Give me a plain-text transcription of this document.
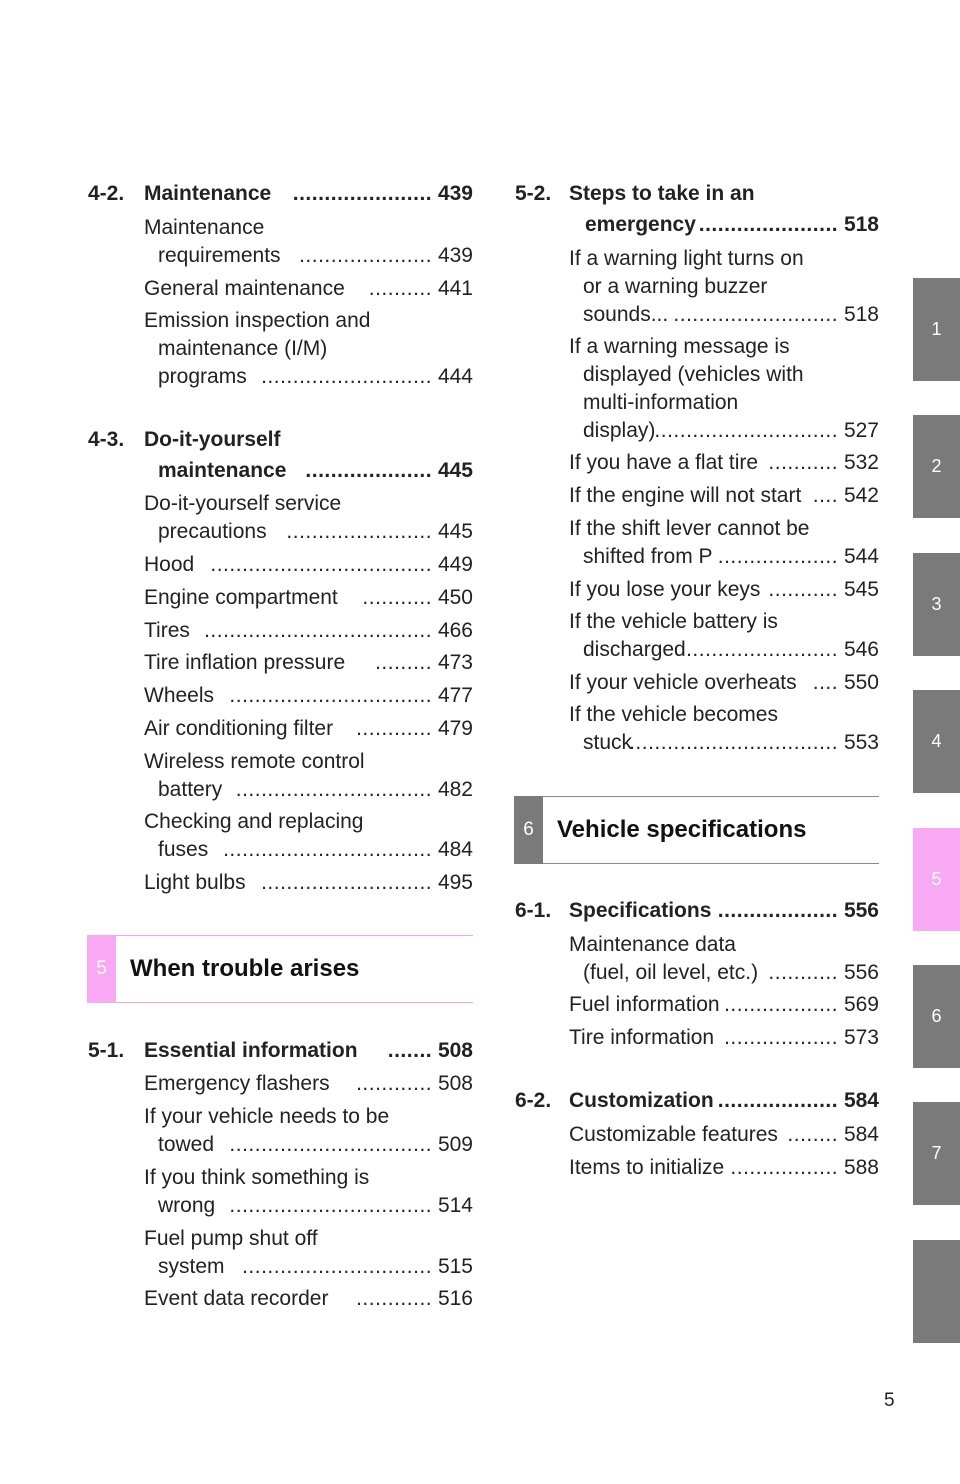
4-2. Maintenance ...................... 439
Maintenance
requirements ..................... 439
General maintenance .......... 441
Emission inspection and
maintenance (I/M)
programs ........................... 444
4-3. Do-it-yourself
maintenance .................... 445
Do-it-yourself service
precautions ....................... 445
Hood ................................... 449
Engine compartment ........... 450
Tires .................................... 466
Tire inflation pressure ......... 473
Wheels ................................ 477
Air conditioning filter ............ 479
Wireless remote control
battery ............................... 482
Checking and replacing
fuses ................................. 484
Light bulbs ........................... 495
5 When trouble arises
5-1. Essential information ....... 508
Emergency flashers ............ 508
If your vehicle needs to be
towed ................................ 509
If you think something is
wrong ................................ 514
Fuel pump shut off
system .............................. 515
Event data recorder ............ 516
5-2. Steps to take in an
emergency ...................... 518
If a warning light turns on
or a warning buzzer
sounds... .......................... 518
If a warning message is
displayed (vehicles with
multi-information
display) ............................. 527
If you have a flat tire ........... 532
If the engine will not start .... 542
If the shift lever cannot be
shifted from P ................... 544
If you lose your keys ........... 545
If the vehicle battery is
discharged ........................ 546
If your vehicle overheats .... 550
If the vehicle becomes
stuck
................................. 553
6 Vehicle specifications
6-1. Specifications ................... 556
Maintenance data
(fuel, oil level, etc.) ........... 556
Fuel information .................. 569
Tire information .................. 573
6-2. Customization ................... 584
Customizable features ........ 584
Items to initialize ................. 588
1
2
3
4
5
6
7
5
